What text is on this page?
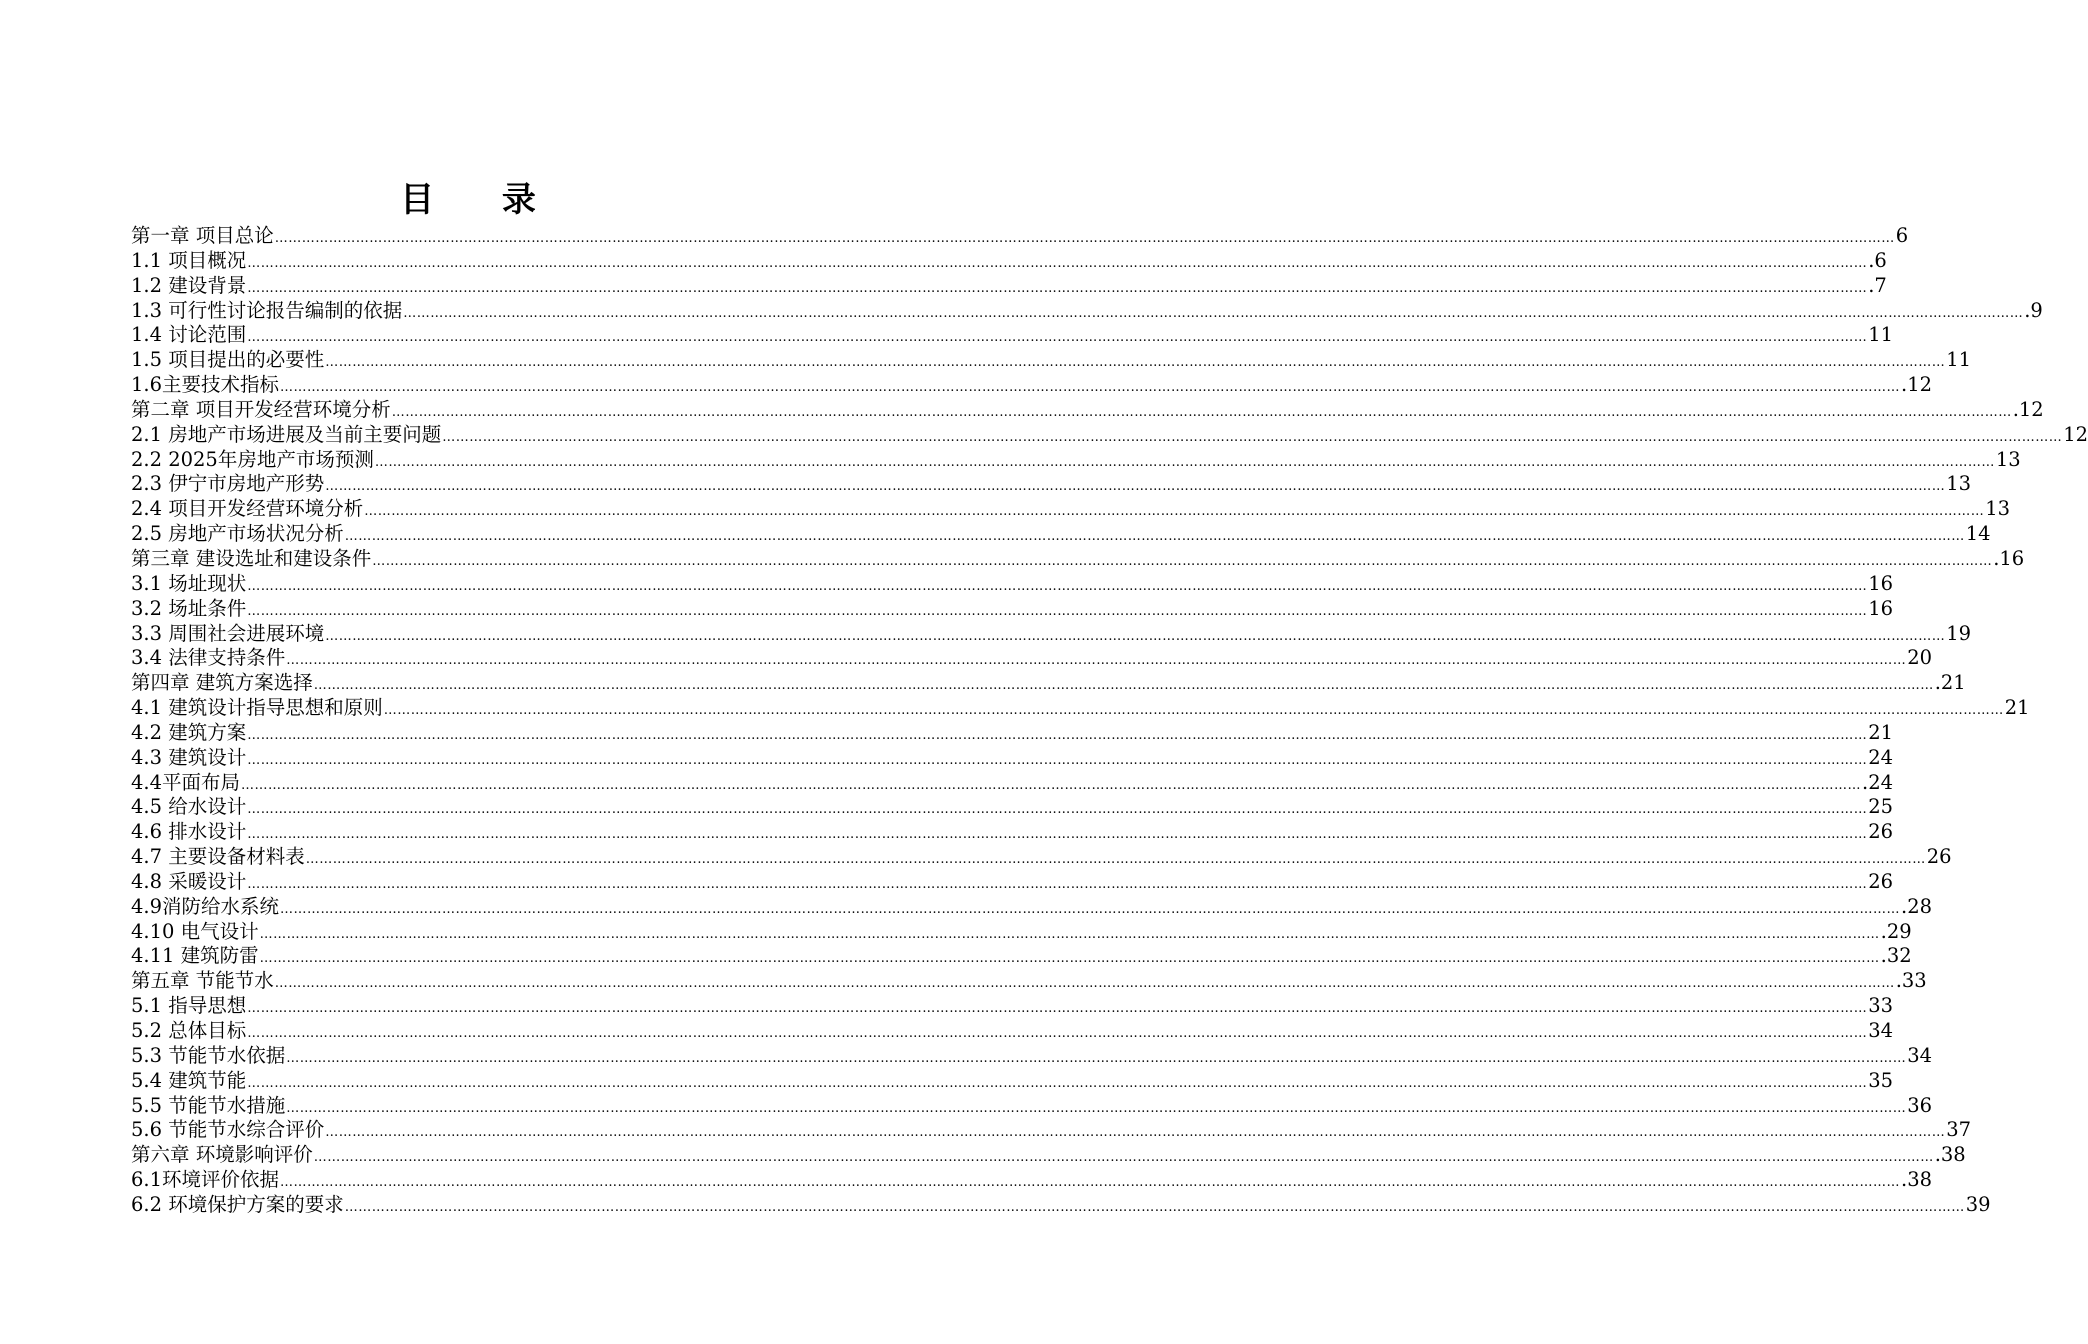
目 录
第一章 项目总论 ……………………………………………………………………………………………………………………………………………………………………………………………………………………………………………………………………………………………………………………………… 6
1.1 项目概况 ……………………………………………………………………………………………………………………………………………………………………………………………………………………………………………………………………………………………………………………………… .6
1.2 建设背景 ……………………………………………………………………………………………………………………………………………………………………………………………………………………………………………………………………………………………………………………………… .7
1.3 可行性讨论报告编制的依据 ……………………………………………………………………………………………………………………………………………………………………………………………………………………………………………………………………………………………………………………………… .9
1.4 讨论范围 ……………………………………………………………………………………………………………………………………………………………………………………………………………………………………………………………………………………………………………………………… 11
1.5 项目提出的必要性 ……………………………………………………………………………………………………………………………………………………………………………………………………………………………………………………………………………………………………………………………… 11
1.6主要技术指标 ……………………………………………………………………………………………………………………………………………………………………………………………………………………………………………………………………………………………………………………………… .12
第二章 项目开发经营环境分析 ……………………………………………………………………………………………………………………………………………………………………………………………………………………………………………………………………………………………………………………………… .12
2.1 房地产市场进展及当前主要问题 ……………………………………………………………………………………………………………………………………………………………………………………………………………………………………………………………………………………………………………………………… 12
2.2 2025年房地产市场预测 ……………………………………………………………………………………………………………………………………………………………………………………………………………………………………………………………………………………………………………………………… 13
2.3 伊宁市房地产形势 ……………………………………………………………………………………………………………………………………………………………………………………………………………………………………………………………………………………………………………………………… 13
2.4 项目开发经营环境分析 ……………………………………………………………………………………………………………………………………………………………………………………………………………………………………………………………………………………………………………………………… 13
2.5 房地产市场状况分析 ……………………………………………………………………………………………………………………………………………………………………………………………………………………………………………………………………………………………………………………………… 14
第三章 建设选址和建设条件 ……………………………………………………………………………………………………………………………………………………………………………………………………………………………………………………………………………………………………………………………… .16
3.1 场址现状 ……………………………………………………………………………………………………………………………………………………………………………………………………………………………………………………………………………………………………………………………… 16
3.2 场址条件 ……………………………………………………………………………………………………………………………………………………………………………………………………………………………………………………………………………………………………………………………… 16
3.3 周围社会进展环境 ……………………………………………………………………………………………………………………………………………………………………………………………………………………………………………………………………………………………………………………………… 19
3.4 法律支持条件 ……………………………………………………………………………………………………………………………………………………………………………………………………………………………………………………………………………………………………………………………… 20
第四章 建筑方案选择 ……………………………………………………………………………………………………………………………………………………………………………………………………………………………………………………………………………………………………………………………… .21
4.1 建筑设计指导思想和原则 ……………………………………………………………………………………………………………………………………………………………………………………………………………………………………………………………………………………………………………………………… 21
4.2 建筑方案 ……………………………………………………………………………………………………………………………………………………………………………………………………………………………………………………………………………………………………………………………… 21
4.3 建筑设计 ……………………………………………………………………………………………………………………………………………………………………………………………………………………………………………………………………………………………………………………………… 24
4.4平面布局 ……………………………………………………………………………………………………………………………………………………………………………………………………………………………………………………………………………………………………………………………… .24
4.5 给水设计 ……………………………………………………………………………………………………………………………………………………………………………………………………………………………………………………………………………………………………………………………… 25
4.6 排水设计 ……………………………………………………………………………………………………………………………………………………………………………………………………………………………………………………………………………………………………………………………… 26
4.7 主要设备材料表 ……………………………………………………………………………………………………………………………………………………………………………………………………………………………………………………………………………………………………………………………… 26
4.8 采暖设计 ……………………………………………………………………………………………………………………………………………………………………………………………………………………………………………………………………………………………………………………………… 26
4.9消防给水系统 ……………………………………………………………………………………………………………………………………………………………………………………………………………………………………………………………………………………………………………………………… .28
4.10 电气设计 ……………………………………………………………………………………………………………………………………………………………………………………………………………………………………………………………………………………………………………………………… .29
4.11 建筑防雷 ……………………………………………………………………………………………………………………………………………………………………………………………………………………………………………………………………………………………………………………………… .32
第五章 节能节水 ……………………………………………………………………………………………………………………………………………………………………………………………………………………………………………………………………………………………………………………………… .33
5.1 指导思想 ……………………………………………………………………………………………………………………………………………………………………………………………………………………………………………………………………………………………………………………………… 33
5.2 总体目标 ……………………………………………………………………………………………………………………………………………………………………………………………………………………………………………………………………………………………………………………………… 34
5.3 节能节水依据 ……………………………………………………………………………………………………………………………………………………………………………………………………………………………………………………………………………………………………………………………… 34
5.4 建筑节能 ……………………………………………………………………………………………………………………………………………………………………………………………………………………………………………………………………………………………………………………………… 35
5.5 节能节水措施 ……………………………………………………………………………………………………………………………………………………………………………………………………………………………………………………………………………………………………………………………… 36
5.6 节能节水综合评价 ……………………………………………………………………………………………………………………………………………………………………………………………………………………………………………………………………………………………………………………………… 37
第六章 环境影响评价 ……………………………………………………………………………………………………………………………………………………………………………………………………………………………………………………………………………………………………………………………… .38
6.1环境评价依据 ……………………………………………………………………………………………………………………………………………………………………………………………………………………………………………………………………………………………………………………………… .38
6.2 环境保护方案的要求 ……………………………………………………………………………………………………………………………………………………………………………………………………………………………………………………………………………………………………………………………… 39
